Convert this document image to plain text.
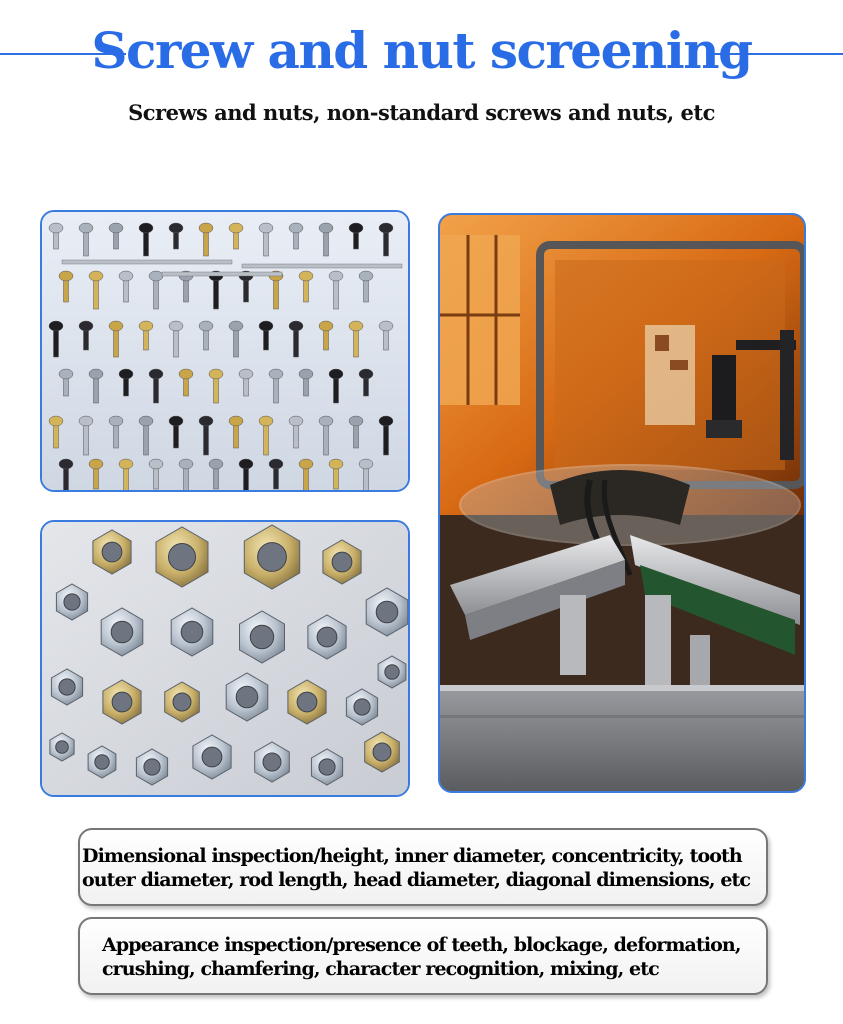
Screw and nut screening
Screws and nuts, non-standard screws and nuts, etc
Dimensional inspection/height, inner diameter, concentricity, tooth
outer diameter, rod length, head diameter, diagonal dimensions, etc
Appearance inspection/presence of teeth, blockage, deformation,
crushing, chamfering, character recognition, mixing, etc
